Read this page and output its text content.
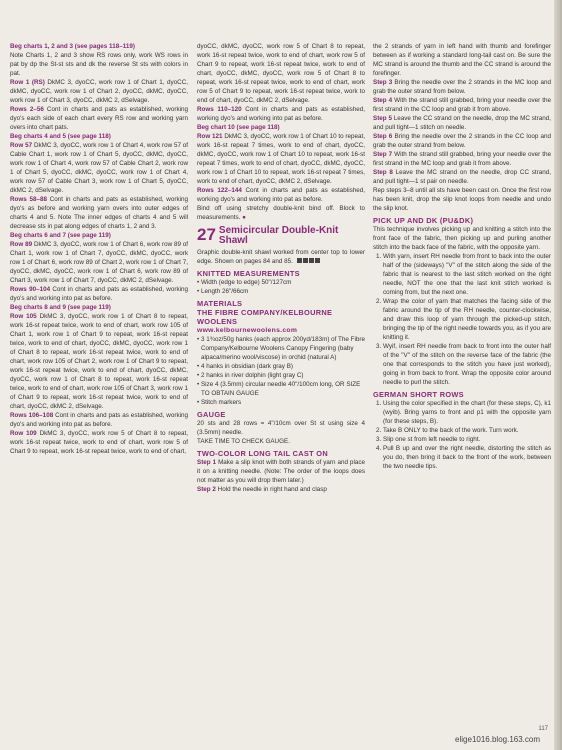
Beg charts 1, 2 and 3 (see pages 118–119)

Note Charts 1, 2 and 3 show RS rows only, work WS rows in pat by dp the St-st sts and dk the reverse St sts with colors in pat.

Row 1 (RS) DkMC 3, dyoCC, work row 1 of Chart 1, dyoCC, dkMC, dyoCC, work row 1 of Chart 2, dyoCC, dkMC, dyoCC, work row 1 of Chart 3, dyoCC, dkMC 2, dSelvage.

Rows 2–56 Cont in charts and pats as established, working dyo's each side of each chart every RS row and working yarn overs into chart pats.

Beg charts 4 and 5 (see page 118)

Row 57 DkMC 3, dyoCC, work row 1 of Chart 4, work row 57 of Cable Chart 1, work row 1 of Chart 5, dyoCC, dkMC, dyoCC, work row 1 of Chart 4, work row 57 of Cable Chart 2, work row 1 of Chart 5, dyoCC, dkMC, dyoCC, work row 1 of Chart 4, work row 57 of Cable Chart 3, work row 1 of Chart 5, dyoCC, dkMC 2, dSelvage.

Rows 58–88 Cont in charts and pats as established, working dyo's as before and working yarn overs into outer edges of charts 4 and 5. Note The inner edges of charts 4 and 5 will decrease sts in pat along edges of charts 1, 2 and 3.

Beg charts 6 and 7 (see page 119)

Row 89 DkMC 3, dyoCC, work row 1 of Chart 6, work row 89 of Chart 1, work row 1 of Chart 7, dyoCC, dkMC, dyoCC, work row 1 of Chart 6, work row 89 of Chart 2, work row 1 of Chart 7, dyoCC, dkMC, dyoCC, work row 1 of Chart 6, work row 89 of Chart 3, work row 1 of Chart 7, dyoCC, dkMC 2, dSelvage.

Rows 90–104 Cont in charts and pats as established, working dyo's and working into pat as before.

Beg charts 8 and 9 (see page 119)

Row 105 DkMC 3, dyoCC, work row 1 of Chart 8 to repeat, work 16-st repeat twice, work to end of chart, work row 105 of Chart 1, work row 1 of Chart 9 to repeat, work 16-st repeat twice, work to end of chart, dyoCC, dkMC, dyoCC, work row 1 of Chart 8 to repeat, work 16-st repeat twice, work to end of chart, work row 105 of Chart 2, work row 1 of Chart 9 to repeat, work 16-st repeat twice, work to end of chart, dyoCC, dkMC, dyoCC, work row 1 of Chart 8 to repeat, work 16-st repeat twice, work to end of chart, work row 105 of Chart 3, work row 1 of Chart 9 to repeat, work 16-st repeat twice, work to end of chart, dyoCC, dkMC 2, dSelvage.

Rows 106–108 Cont in charts and pats as established, working dyo's and working into pat as before.

Row 109 DkMC 3, dyoCC, work row 5 of Chart 8 to repeat, work 16-st repeat twice, work to end of chart, work row 5 of Chart 9 to repeat, work 16-st repeat twice, work to end of chart,

dyoCC, dkMC, dyoCC, work row 5 of Chart 8 to repeat, work 16-st repeat twice, work to end of chart, work row 5 of Chart 9 to repeat, work 16-st repeat twice, work to end of chart, dyoCC, dkMC, dyoCC, work row 5 of Chart 8 to repeat, work 16-st repeat twice, work to end of chart, work row 5 of Chart 9 to repeat, work 16-st repeat twice, work to end of chart, dyoCC, dkMC 2, dSelvage.

Rows 110–120 Cont in charts and pats as established, working dyo's and working into pat as before.

Beg chart 10 (see page 118)

Row 121 DkMC 3, dyoCC, work row 1 of Chart 10 to repeat, work 16-st repeat 7 times, work to end of chart, dyoCC, dkMC, dyoCC, work row 1 of Chart 10 to repeat, work 16-st repeat 7 times, work to end of chart, dyoCC, dkMC, dyoCC, work row 1 of Chart 10 to repeat, work 16-st repeat 7 times, work to end of chart, dyoCC, dkMC 2, dSelvage.

Rows 122–144 Cont in charts and pats as established, working dyo's and working into pat as before.

Bind off using stretchy double-knit bind off. Block to measurements. ●

27 Semicircular Double-Knit Shawl

Graphic double-knit shawl worked from center top to lower edge. Shown on pages 84 and 85.

KNITTED MEASUREMENTS
• Width (edge to edge) 50"/127cm
• Length 26"/66cm
MATERIALS
THE FIBRE COMPANY/KELBOURNE WOOLENS
www.kelbournewoolens.com
• 3 1¾oz/50g hanks (each approx 200yd/183m) of The Fibre Company/Kelbourne Woolens Canopy Fingering (baby alpaca/merino wool/viscose) in orchid (natural A)
• 4 hanks in obsidian (dark gray B)
• 2 hanks in river dolphin (light gray C)
• Size 4 (3.5mm) circular needle 40"/100cm long, OR SIZE TO OBTAIN GAUGE
• Stitch markers
GAUGE

20 sts and 28 rows = 4"/10cm over St st using size 4 (3.5mm) needle.

TAKE TIME TO CHECK GAUGE.

TWO-COLOR LONG TAIL CAST ON

Step 1 Make a slip knot with both strands of yarn and place it on a knitting needle. (Note: The order of the loops does not matter as you will drop them later.)

Step 2 Hold the needle in right hand and clasp

the 2 strands of yarn in left hand with thumb and forefinger between as if working a standard long-tail cast on. Be sure the MC strand is around the thumb and the CC strand is around the forefinger.

Step 3 Bring the needle over the 2 strands in the MC loop and grab the outer strand from below.

Step 4 With the strand still grabbed, bring your needle over the first strand in the CC loop and grab it from above.

Step 5 Leave the CC strand on the needle, drop the MC strand, and pull tight—1 stitch on needle.

Step 6 Bring the needle over the 2 strands in the CC loop and grab the outer strand from below.

Step 7 With the strand still grabbed, bring your needle over the first strand in the MC loop and grab it from above.

Step 8 Leave the MC strand on the needle, drop CC strand, and pull tight—1 st pair on needle.

Rep steps 3–8 until all sts have been cast on. Once the first row has been knit, drop the slip knot loops from needle and undo the slip knot.

PICK UP AND DK (PU&DK)

This technique involves picking up and knitting a stitch into the front face of the fabric, then picking up and purling another stitch into the back face of the fabric, with the opposite yarn.

1. With yarn, insert RH needle from front to back into the outer half of the (sideways) "V" of the stitch along the side of the fabric that is nearest to the last stitch worked on the right needle, NOT the one that the last knit stitch worked is coming from, but the next one.
2. Wrap the color of yarn that matches the facing side of the fabric around the tip of the RH needle, counter-clockwise, and draw this loop of yarn through the picked-up stitch, bringing the tip of the right needle towards you, as if you are knitting it.
3. Wyif, insert RH needle from back to front into the outer half of the "V" of the stitch on the reverse face of the fabric (the one that corresponds to the stitch you have just worked), going in from back to front. Wrap the opposite color around needle to purl the stitch.
GERMAN SHORT ROWS
1. Using the color specified in the chart (for these steps, C), k1 (wyib). Bring yarns to front and p1 with the opposite yarn (for these steps, B).
2. Take B ONLY to the back of the work. Turn work.
3. Slip one st from left needle to right.
4. Pull B up and over the right needle, distorting the stitch as you do, then bring it back to the front of the work, between the two needle tips.
117
elige1016.blog.163.com
